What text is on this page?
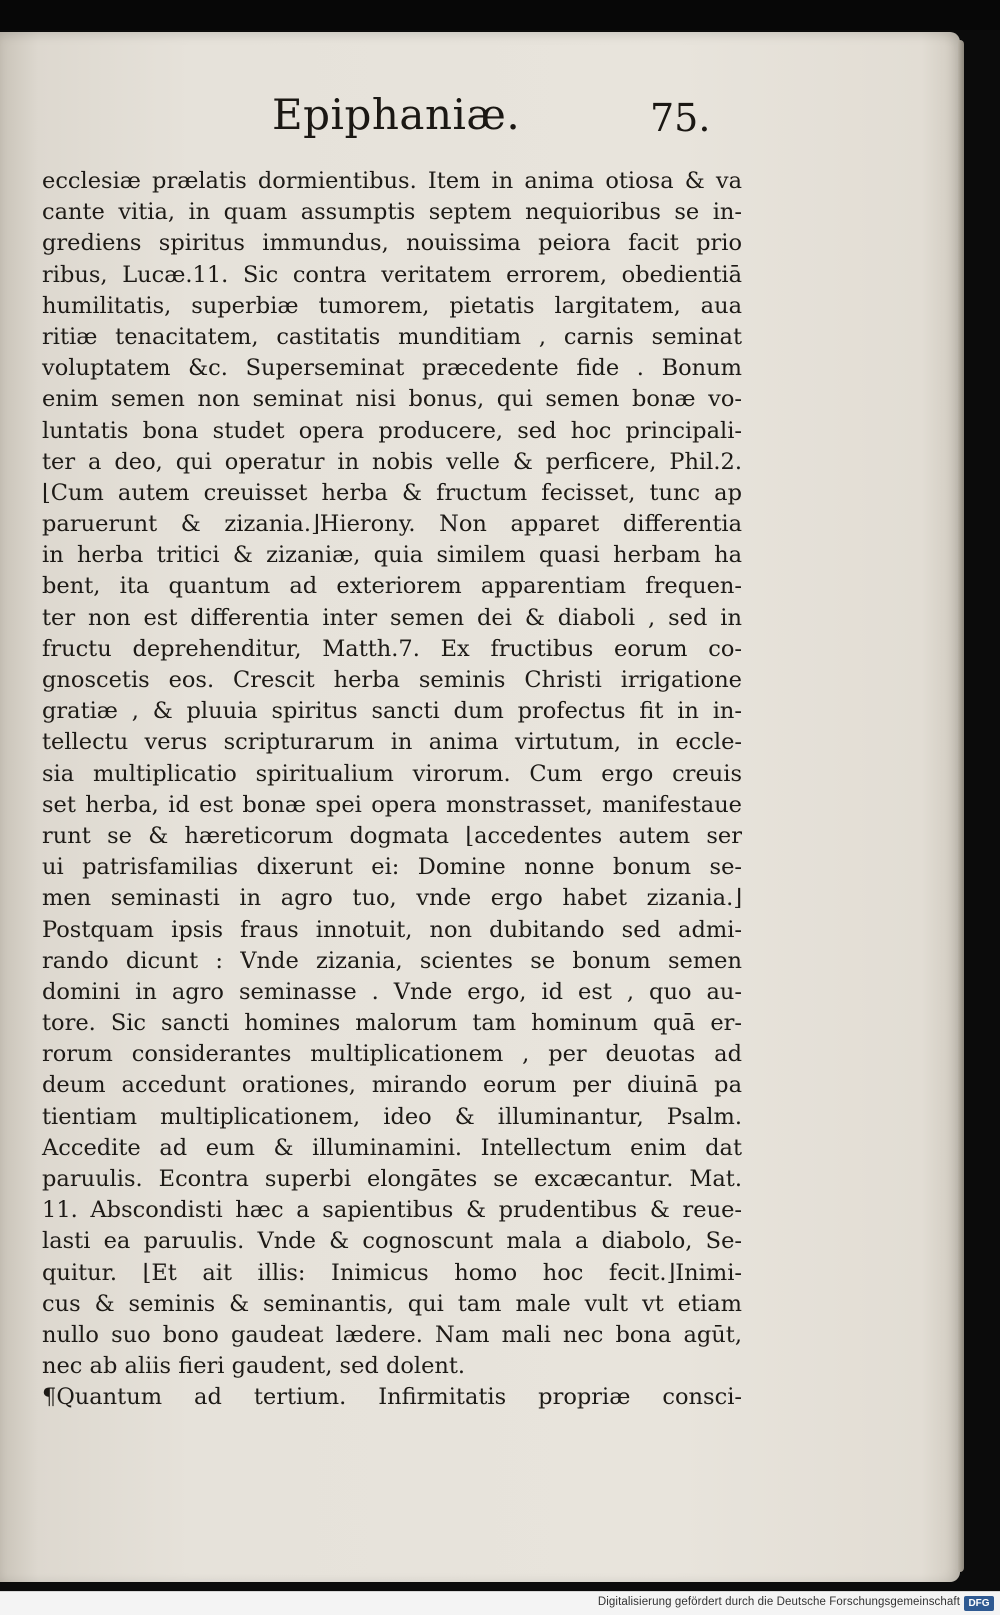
Epiphaniæ.	75.
ecclesiæ prælatis dormientibus. Item in anima otiosa & va
cante vitia, in quam assumptis septem nequioribus se in-
grediens spiritus immundus, nouissima peiora facit prio
ribus, Lucæ.11. Sic contra veritatem errorem, obedientiā
humilitatis, superbiæ tumorem, pietatis largitatem, aua
ritiæ tenacitatem, castitatis munditiam , carnis seminat
voluptatem &c. Superseminat præcedente fide . Bonum
enim semen non seminat nisi bonus, qui semen bonæ vo-
luntatis bona studet opera producere, sed hoc principali-
ter a deo, qui operatur in nobis velle & perficere, Phil.2.
⌊Cum autem creuisset herba & fructum fecisset, tunc ap
paruerunt & zizania.⌋Hierony. Non apparet differentia
in herba tritici & zizaniæ, quia similem quasi herbam ha
bent, ita quantum ad exteriorem apparentiam frequen-
ter non est differentia inter semen dei & diaboli , sed in
fructu deprehenditur, Matth.7. Ex fructibus eorum co-
gnoscetis eos. Crescit herba seminis Christi irrigatione
gratiæ , & pluuia spiritus sancti dum profectus fit in in-
tellectu verus scripturarum in anima virtutum, in eccle-
sia multiplicatio spiritualium virorum. Cum ergo creuis
set herba, id est bonæ spei opera monstrasset, manifestaue
runt se & hæreticorum dogmata ⌊accedentes autem ser
ui patrisfamilias dixerunt ei: Domine nonne bonum se-
men seminasti in agro tuo, vnde ergo habet zizania.⌋
Postquam ipsis fraus innotuit, non dubitando sed admi-
rando dicunt : Vnde zizania, scientes se bonum semen
domini in agro seminasse . Vnde ergo, id est , quo au-
tore. Sic sancti homines malorum tam hominum quā er-
rorum considerantes multiplicationem , per deuotas ad
deum accedunt orationes, mirando eorum per diuinā pa
tientiam multiplicationem, ideo & illuminantur, Psalm.
Accedite ad eum & illuminamini. Intellectum enim dat
paruulis. Econtra superbi elongātes se excæcantur. Mat.
11. Abscondisti hæc a sapientibus & prudentibus & reue-
lasti ea paruulis. Vnde & cognoscunt mala a diabolo, Se-
quitur. ⌊Et ait illis: Inimicus homo hoc fecit.⌋Inimi-
cus & seminis & seminantis, qui tam male vult vt etiam
nullo suo bono gaudeat lædere. Nam mali nec bona agūt,
nec ab aliis fieri gaudent, sed dolent.
¶Quantum ad tertium. Infirmitatis propriæ consci-
Digitalisierung gefördert durch die Deutsche Forschungsgemeinschaft DFG
